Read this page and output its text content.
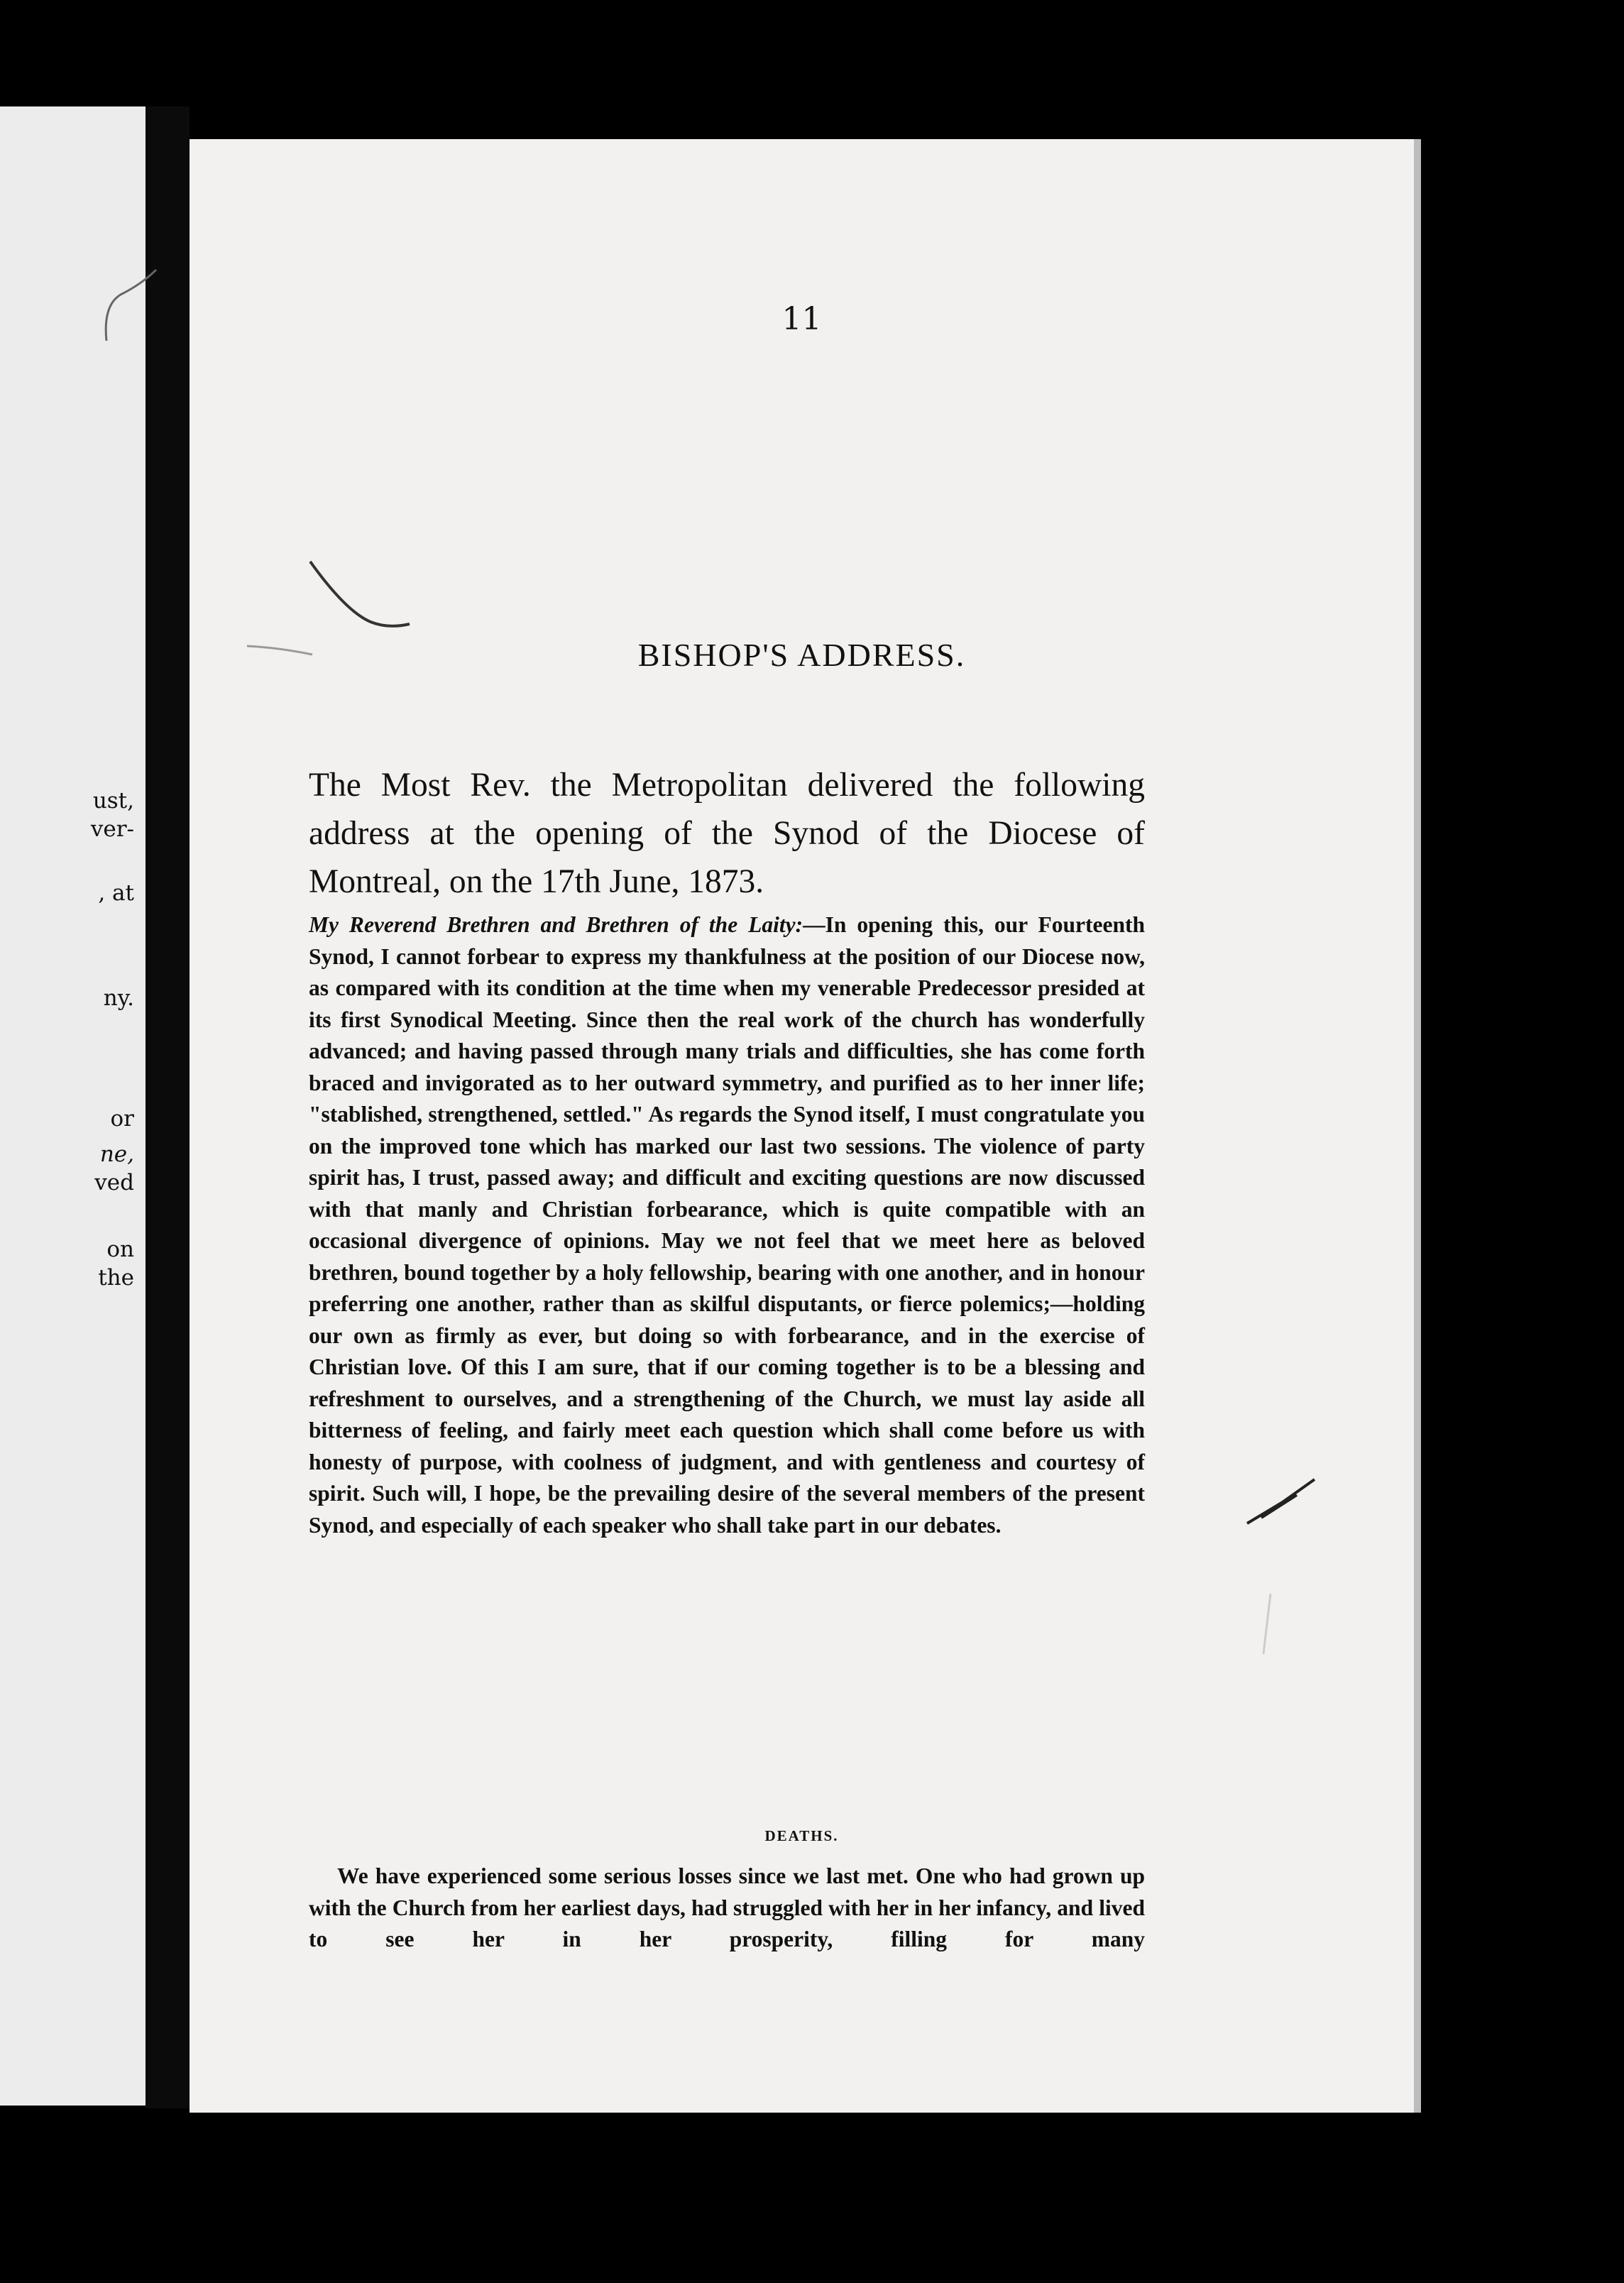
ust,
ver-
, at
ny.
or
ne,
ved
on
the
11
BISHOP'S ADDRESS.
The Most Rev. the Metropolitan delivered the following address at the opening of the Synod of the Diocese of Montreal, on the 17th June, 1873.
My Reverend Brethren and Brethren of the Laity:—In opening this, our Fourteenth Synod, I cannot forbear to express my thankfulness at the position of our Diocese now, as compared with its condition at the time when my venerable Predecessor presided at its first Synodical Meeting. Since then the real work of the church has wonderfully advanced; and having passed through many trials and difficulties, she has come forth braced and invigorated as to her outward symmetry, and purified as to her inner life; "stablished, strengthened, settled." As regards the Synod itself, I must congratulate you on the improved tone which has marked our last two sessions. The violence of party spirit has, I trust, passed away; and difficult and exciting questions are now discussed with that manly and Christian forbearance, which is quite compatible with an occasional divergence of opinions. May we not feel that we meet here as beloved brethren, bound together by a holy fellowship, bearing with one another, and in honour preferring one another, rather than as skilful disputants, or fierce polemics;—holding our own as firmly as ever, but doing so with forbearance, and in the exercise of Christian love. Of this I am sure, that if our coming together is to be a blessing and refreshment to ourselves, and a strengthening of the Church, we must lay aside all bitterness of feeling, and fairly meet each question which shall come before us with honesty of purpose, with coolness of judgment, and with gentleness and courtesy of spirit. Such will, I hope, be the prevailing desire of the several members of the present Synod, and especially of each speaker who shall take part in our debates.
DEATHS.
We have experienced some serious losses since we last met. One who had grown up with the Church from her earliest days, had struggled with her in her infancy, and lived to see her in her prosperity, filling for many
